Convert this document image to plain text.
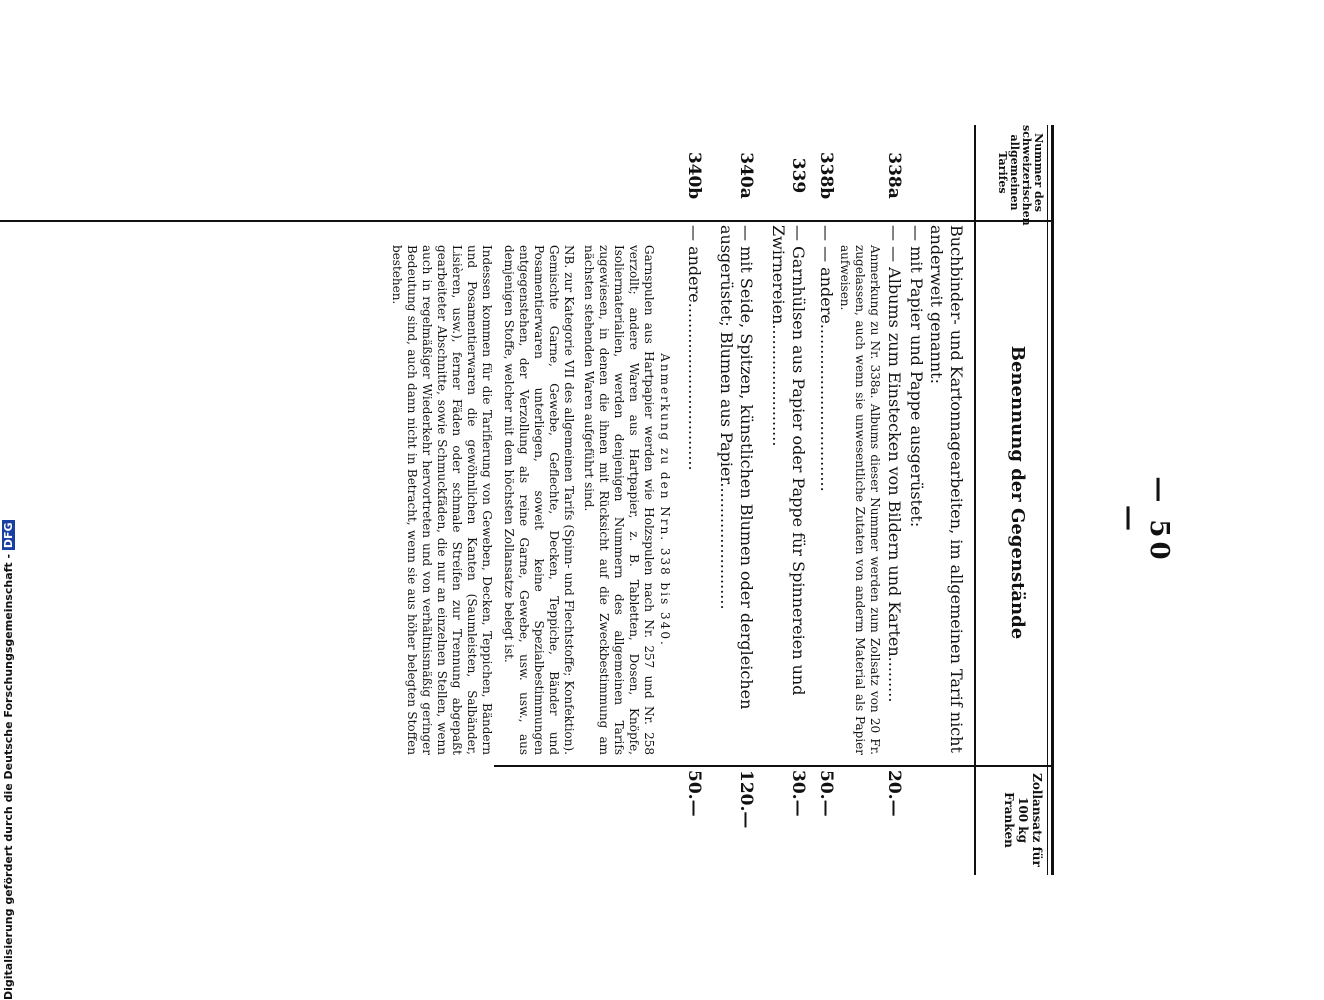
— 50 —
Nummer des schweizerischen allgemeinen Tarifes
Benennung der Gegenstände
Zollansatz für 100 kg Franken
Buchbinder- und Kartonnagearbeiten, im allgemeinen Tarif nicht anderweit genannt:
— mit Papier und Pappe ausgerüstet:
338a
— — Albums zum Einstecken von Bildern und Karten.........
20.—
Anmerkung zu Nr. 338a. Albums dieser Nummer werden zum Zollsatz von 20 Fr. zugelassen, auch wenn sie unwesentliche Zutaten von anderm Material als Papier aufweisen.
338b
— — andere.................................
50.—
339
— Garnhülsen aus Papier oder Pappe für Spinnereien und Zwirnereien........................
30.—
340a
— mit Seide, Spitzen, künstlichen Blumen oder dergleichen ausgerüstet; Blumen aus Papier.........................
120.—
340b
— andere.................................
50.—
Anmerkung zu den Nrn. 338 bis 340.
Garnspulen aus Hartpapier werden wie Holzspulen nach Nr. 257 und Nr. 258 verzollt; andere Waren aus Hartpapier, z. B. Tabletten, Dosen, Knöpfe, Isoliermaterialien, werden denjenigen Nummern des allgemeinen Tarifs zugewiesen, in denen die ihnen mit Rücksicht auf die Zweckbestimmung am nächsten stehenden Waren aufgeführt sind.
NB. zur Kategorie VII des allgemeinen Tarifs (Spinn- und Flechtstoffe; Konfektion). Gemischte Garne, Gewebe, Geflechte, Decken, Teppiche, Bänder und Posamentierwaren unterliegen, soweit keine Spezialbestimmungen entgegenstehen, der Verzollung als reine Garne, Gewebe, usw. usw., aus demjenigen Stoffe, welcher mit dem höchsten Zollansatze belegt ist.
Indessen kommen für die Tarifierung von Geweben, Decken, Teppichen, Bändern und Posamentierwaren die gewöhnlichen Kanten (Saumleisten, Salbänder, Lisièren, usw.), ferner Fäden oder schmale Streifen zur Trennung abgepaßt gearbeiteter Abschnitte, sowie Schmuckfäden, die nur an einzelnen Stellen, wenn auch in regelmäßiger Wiederkehr hervortreten und von verhältnismäßig geringer Bedeutung sind, auch dann nicht in Betracht, wenn sie aus höher belegten Stoffen bestehen.
Digitalisierung gefördert durch die Deutsche Forschungsgemeinschaft - DFG
